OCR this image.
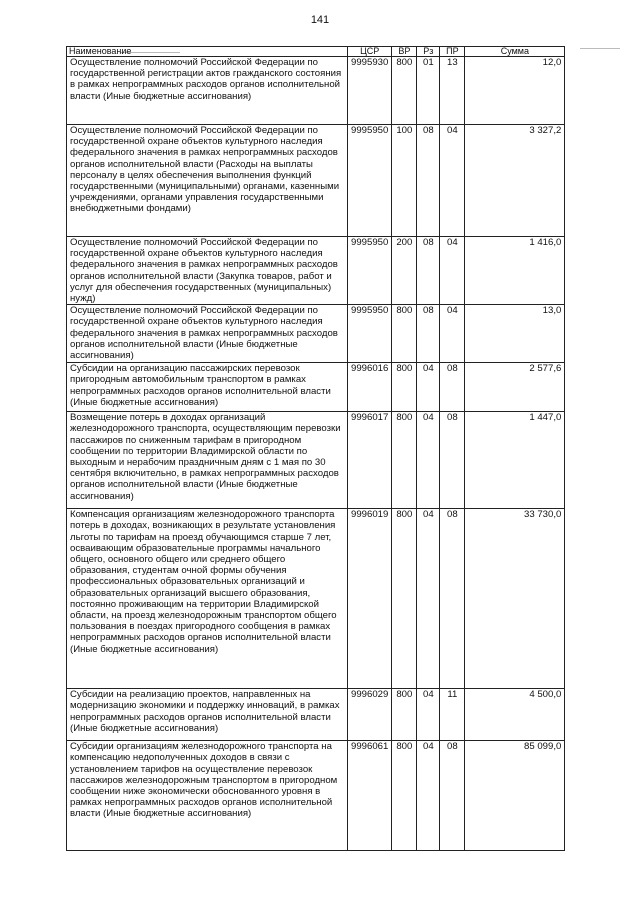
141
Наименование	ЦСР	ВР	Рз	ПР	Сумма
Осуществление полномочий Российской Федерации по государственной регистрации актов гражданского состояния в рамках непрограммных расходов органов исполнительной власти (Иные бюджетные ассигнования)	9995930	800	01	13	12,0
Осуществление полномочий Российской Федерации по государственной охране объектов культурного наследия федерального значения в рамках непрограммных расходов органов исполнительной власти (Расходы на выплаты персоналу в целях обеспечения выполнения функций государственными (муниципальными) органами, казенными учреждениями, органами управления государственными внебюджетными фондами)	9995950	100	08	04	3 327,2
Осуществление полномочий Российской Федерации по государственной охране объектов культурного наследия федерального значения в рамках непрограммных расходов органов исполнительной власти (Закупка товаров, работ и услуг для обеспечения государственных (муниципальных) нужд)	9995950	200	08	04	1 416,0
Осуществление полномочий Российской Федерации по государственной охране объектов культурного наследия федерального значения в рамках непрограммных расходов органов исполнительной власти (Иные бюджетные ассигнования)	9995950	800	08	04	13,0
Субсидии на организацию пассажирских перевозок пригородным автомобильным транспортом в рамках непрограммных расходов органов исполнительной власти (Иные бюджетные ассигнования)	9996016	800	04	08	2 577,6
Возмещение потерь в доходах организаций железнодорожного транспорта, осуществляющим перевозки пассажиров по сниженным тарифам в пригородном сообщении по территории Владимирской области по выходным и нерабочим праздничным дням с 1 мая по 30 сентября включительно, в рамках непрограммных расходов органов исполнительной власти (Иные бюджетные ассигнования)	9996017	800	04	08	1 447,0
Компенсация организациям железнодорожного транспорта потерь в доходах, возникающих в результате установления льготы по тарифам на проезд обучающимся старше 7 лет, осваивающим образовательные программы начального общего, основного общего или среднего общего образования, студентам очной формы обучения профессиональных образовательных организаций и образовательных организаций высшего образования, постоянно проживающим на территории Владимирской области, на проезд железнодорожным транспортом общего пользования в поездах пригородного сообщения в рамках непрограммных расходов органов исполнительной власти (Иные бюджетные ассигнования)	9996019	800	04	08	33 730,0
Субсидии на реализацию проектов, направленных на модернизацию экономики и поддержку инноваций, в рамках непрограммных расходов органов исполнительной власти (Иные бюджетные ассигнования)	9996029	800	04	11	4 500,0
Субсидии организациям железнодорожного транспорта на компенсацию недополученных доходов в связи с установлением тарифов на осуществление перевозок пассажиров железнодорожным транспортом в пригородном сообщении ниже экономически обоснованного уровня в рамках непрограммных расходов органов исполнительной власти (Иные бюджетные ассигнования)	9996061	800	04	08	85 099,0
